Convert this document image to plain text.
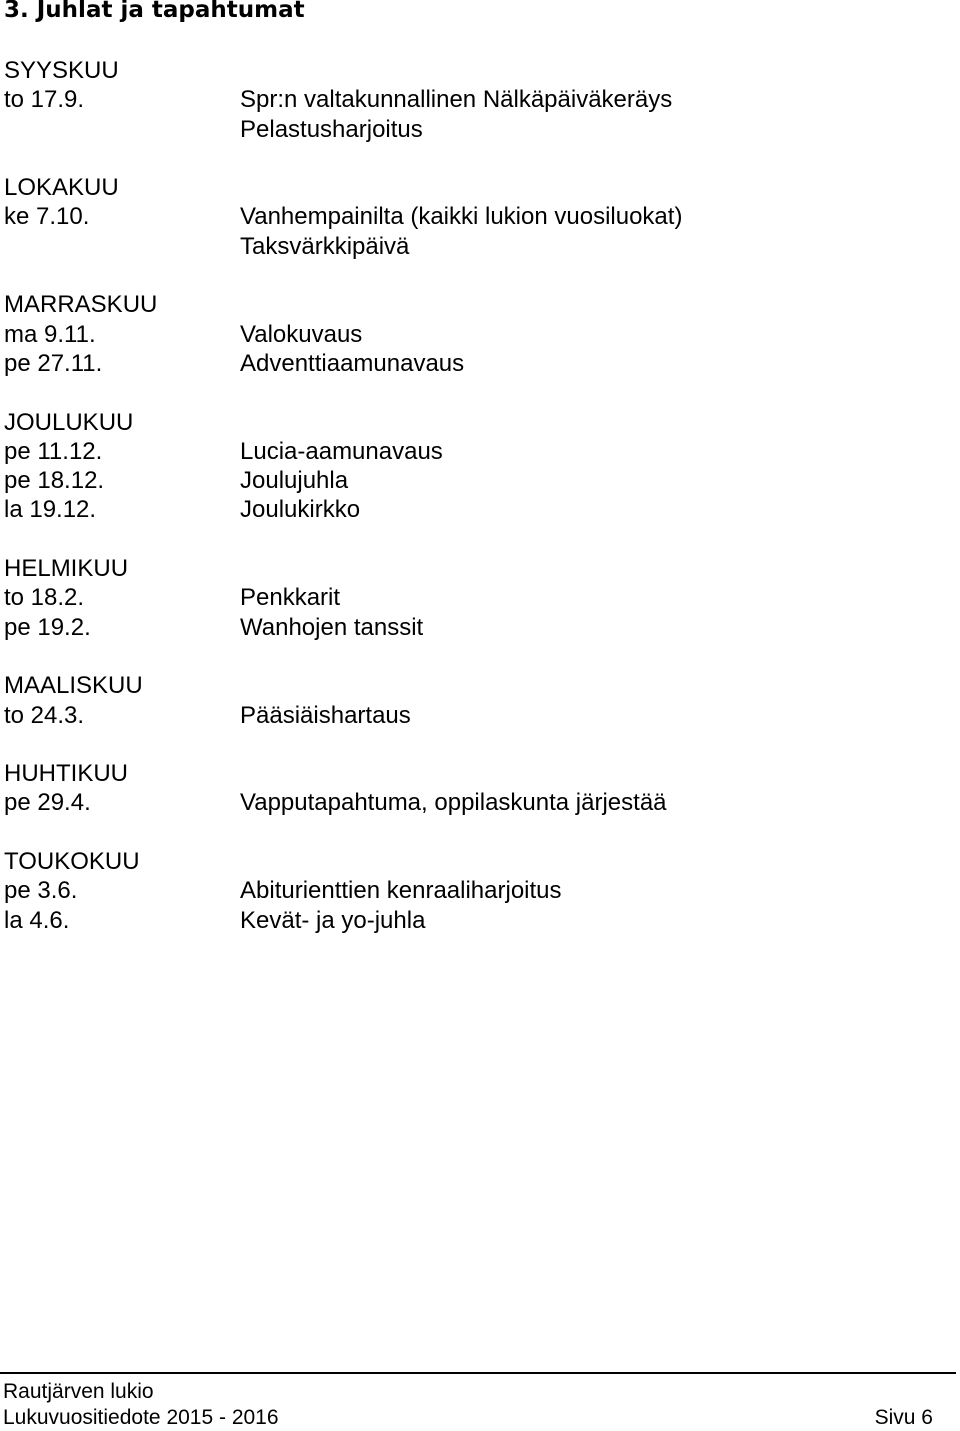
3. Juhlat ja tapahtumat
SYYSKUU
to 17.9.	Spr:n valtakunnallinen Nälkäpäiväkeräys
Pelastusharjoitus
LOKAKUU
ke 7.10.	Vanhempainilta (kaikki lukion vuosiluokat)
Taksvärkkipäivä
MARRASKUU
ma 9.11.	Valokuvaus
pe 27.11.	Adventtiaamunavaus
JOULUKUU
pe 11.12.	Lucia-aamunavaus
pe 18.12.	Joulujuhla
la 19.12.	Joulukirkko
HELMIKUU
to 18.2.	Penkkarit
pe 19.2.	Wanhojen tanssit
MAALISKUU
to 24.3.	Pääsiäishartaus
HUHTIKUU
pe 29.4.	Vapputapahtuma, oppilaskunta järjestää
TOUKOKUU
pe 3.6.	Abiturienttien kenraaliharjoitus
la 4.6.	Kevät- ja yo-juhla
Rautjärven lukio
Lukuvuositiedote 2015 - 2016	Sivu 6
